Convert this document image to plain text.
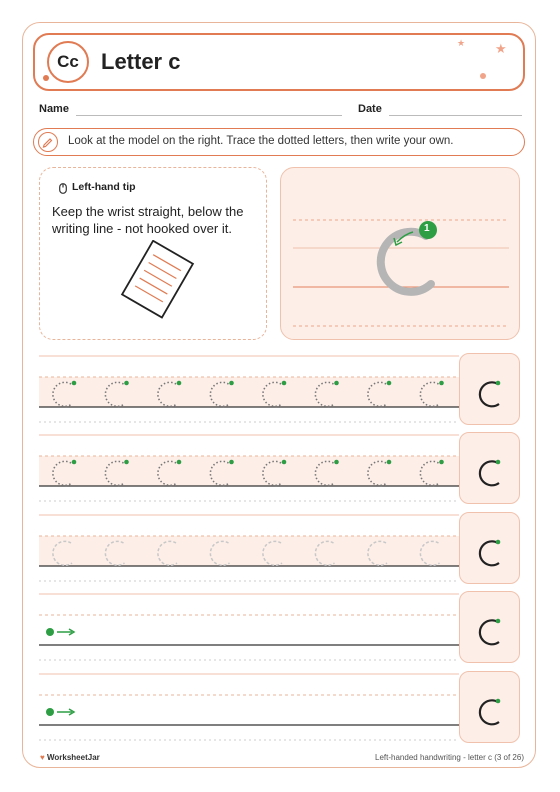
Cc Letter c
★ ★
Name	Date
Look at the model on the right. Trace the dotted letters, then write your own.
Left-hand tip
Keep the wrist straight, below the writing line - not hooked over it.	1
♥ WorksheetJar	Left-handed handwriting - letter c (3 of 26)
